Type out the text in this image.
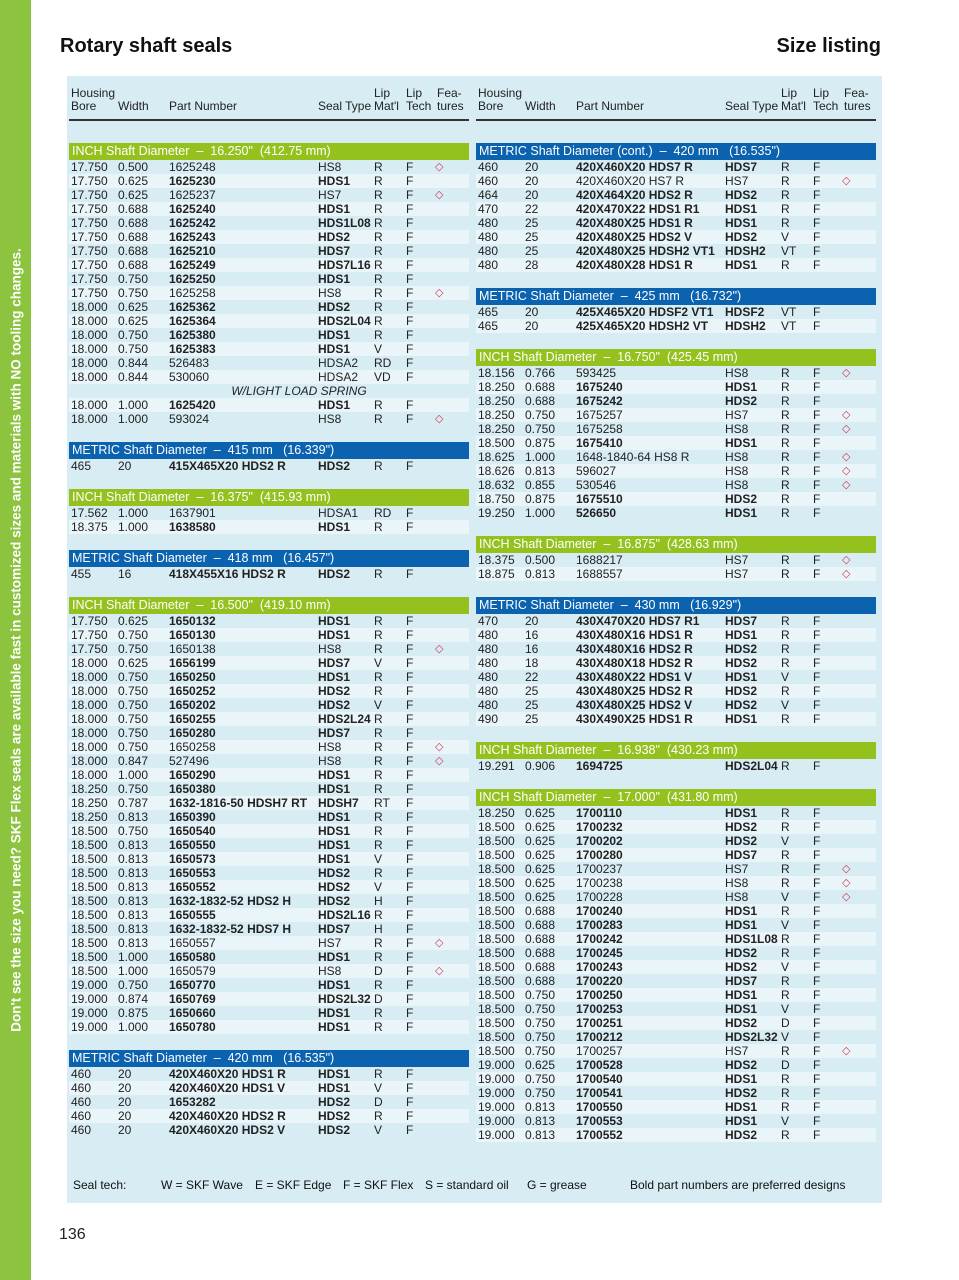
Don't see the size you need? SKF Flex seals are available fast in customized sizes and materials with NO tooling changes.
Rotary shaft seals	Size listing
Housing
Bore Width Part Number	Seal Type
Lip
Mat'l
Lip
Tech
Fea-
tures
INCH Shaft Diameter  –  16.250"  (412.75 mm)
17.750 0.500 1625248	HS8	R F ◇
17.750 0.625 1625230	HDS1 R F
17.750 0.625 1625237	HS7	R F ◇
17.750 0.688 1625240	HDS1 R F
17.750 0.688 1625242	HDS1L08 R F
17.750 0.688 1625243	HDS2 R F
17.750 0.688 1625210	HDS7 R F
17.750 0.688 1625249	HDS7L16 R F
17.750 0.750 1625250	HDS1 R F
17.750 0.750 1625258	HS8	R F ◇
18.000 0.625 1625362	HDS2 R F
18.000 0.625 1625364	HDS2L04 R F
18.000 0.750 1625380	HDS1 R F
18.000 0.750 1625383	HDS1 V F
18.000 0.844 526483	HDSA2 RD F
18.000 0.844 530060	HDSA2 VD F
W/LIGHT LOAD SPRING
18.000 1.000 1625420	HDS1 R F
18.000 1.000 593024	HS8	R F ◇
METRIC Shaft Diameter  –  415 mm   (16.339")
465 20	415X465X20 HDS2 R	HDS2 R F
INCH Shaft Diameter  –  16.375"  (415.93 mm)
17.562 1.000 1637901	HDSA1 RD F
18.375 1.000 1638580	HDS1 R F
METRIC Shaft Diameter  –  418 mm   (16.457")
455 16	418X455X16 HDS2 R	HDS2 R F
INCH Shaft Diameter  –  16.500"  (419.10 mm)
17.750 0.625 1650132	HDS1 R F
17.750 0.750 1650130	HDS1 R F
17.750 0.750 1650138	HS8	R F ◇
18.000 0.625 1656199	HDS7 V F
18.000 0.750 1650250	HDS1 R F
18.000 0.750 1650252	HDS2 R F
18.000 0.750 1650202	HDS2 V F
18.000 0.750 1650255	HDS2L24 R F
18.000 0.750 1650280	HDS7 R F
18.000 0.750 1650258	HS8	R F ◇
18.000 0.847 527496	HS8	R F ◇
18.000 1.000 1650290	HDS1 R F
18.250 0.750 1650380	HDS1 R F
18.250 0.787 1632-1816-50 HDSH7 RT HDSH7 RT F
18.250 0.813 1650390	HDS1 R F
18.500 0.750 1650540	HDS1 R F
18.500 0.813 1650550	HDS1 R F
18.500 0.813 1650573	HDS1 V F
18.500 0.813 1650553	HDS2 R F
18.500 0.813 1650552	HDS2 V F
18.500 0.813 1632-1832-52 HDS2 H HDS2 H F
18.500 0.813 1650555	HDS2L16 R F
18.500 0.813 1632-1832-52 HDS7 H HDS7 H F
18.500 0.813 1650557	HS7	R F ◇
18.500 1.000 1650580	HDS1 R F
18.500 1.000 1650579	HS8	D F ◇
19.000 0.750 1650770	HDS1 R F
19.000 0.874 1650769	HDS2L32 D F
19.000 0.875 1650660	HDS1 R F
19.000 1.000 1650780	HDS1 R F
METRIC Shaft Diameter  –  420 mm   (16.535")
460 20	420X460X20 HDS1 R	HDS1 R F
460 20	420X460X20 HDS1 V	HDS1 V F
460 20	1653282	HDS2 D F
460 20	420X460X20 HDS2 R	HDS2 R F
460 20	420X460X20 HDS2 V	HDS2 V F
Housing
Bore Width Part Number	Seal Type
Lip
Mat'l
Lip
Tech
Fea-
tures
METRIC Shaft Diameter (cont.)  –  420 mm   (16.535")
460 20	420X460X20 HDS7 R	HDS7 R F
460 20	420X460X20 HS7 R	HS7	R F ◇
464 20	420X464X20 HDS2 R	HDS2 R F
470 22	420X470X22 HDS1 R1 HDS1 R F
480 25	420X480X25 HDS1 R	HDS1 R F
480 25	420X480X25 HDS2 V	HDS2 V F
480 25	420X480X25 HDSH2 VT1 HDSH2 VT F
480 28	420X480X28 HDS1 R	HDS1 R F
METRIC Shaft Diameter  –  425 mm   (16.732")
465 20	425X465X20 HDSF2 VT1 HDSF2 VT F
465 20	425X465X20 HDSH2 VT HDSH2 VT F
INCH Shaft Diameter  –  16.750"  (425.45 mm)
18.156 0.766 593425	HS8	R F ◇
18.250 0.688 1675240	HDS1 R F
18.250 0.688 1675242	HDS2 R F
18.250 0.750 1675257	HS7	R F ◇
18.250 0.750 1675258	HS8	R F ◇
18.500 0.875 1675410	HDS1 R F
18.625 1.000 1648-1840-64 HS8 R	HS8	R F ◇
18.626 0.813 596027	HS8	R F ◇
18.632 0.855 530546	HS8	R F ◇
18.750 0.875 1675510	HDS2 R F
19.250 1.000 526650	HDS1 R F
INCH Shaft Diameter  –  16.875"  (428.63 mm)
18.375 0.500 1688217	HS7	R F ◇
18.875 0.813 1688557	HS7	R F ◇
METRIC Shaft Diameter  –  430 mm   (16.929")
470 20	430X470X20 HDS7 R1 HDS7 R F
480 16	430X480X16 HDS1 R	HDS1 R F
480 16	430X480X16 HDS2 R	HDS2 R F
480 18	430X480X18 HDS2 R	HDS2 R F
480 22	430X480X22 HDS1 V	HDS1 V F
480 25	430X480X25 HDS2 R	HDS2 R F
480 25	430X480X25 HDS2 V	HDS2 V F
490 25	430X490X25 HDS1 R	HDS1 R F
INCH Shaft Diameter  –  16.938"  (430.23 mm)
19.291 0.906 1694725	HDS2L04 R F
INCH Shaft Diameter  –  17.000"  (431.80 mm)
18.250 0.625 1700110	HDS1 R F
18.500 0.625 1700232	HDS2 R F
18.500 0.625 1700202	HDS2 V F
18.500 0.625 1700280	HDS7 R F
18.500 0.625 1700237	HS7	R F ◇
18.500 0.625 1700238	HS8	R F ◇
18.500 0.625 1700228	HS8	V F ◇
18.500 0.688 1700240	HDS1 R F
18.500 0.688 1700283	HDS1 V F
18.500 0.688 1700242	HDS1L08 R F
18.500 0.688 1700245	HDS2 R F
18.500 0.688 1700243	HDS2 V F
18.500 0.688 1700220	HDS7 R F
18.500 0.750 1700250	HDS1 R F
18.500 0.750 1700253	HDS1 V F
18.500 0.750 1700251	HDS2 D F
18.500 0.750 1700212	HDS2L32 V F
18.500 0.750 1700257	HS7	R F ◇
19.000 0.625 1700528	HDS2 D F
19.000 0.750 1700540	HDS1 R F
19.000 0.750 1700541	HDS2 R F
19.000 0.813 1700550	HDS1 R F
19.000 0.813 1700553	HDS1 V F
19.000 0.813 1700552	HDS2 R F
Seal tech:	W = SKF Wave E = SKF Edge F = SKF Flex S = standard oil G = grease	Bold part numbers are preferred designs
136
